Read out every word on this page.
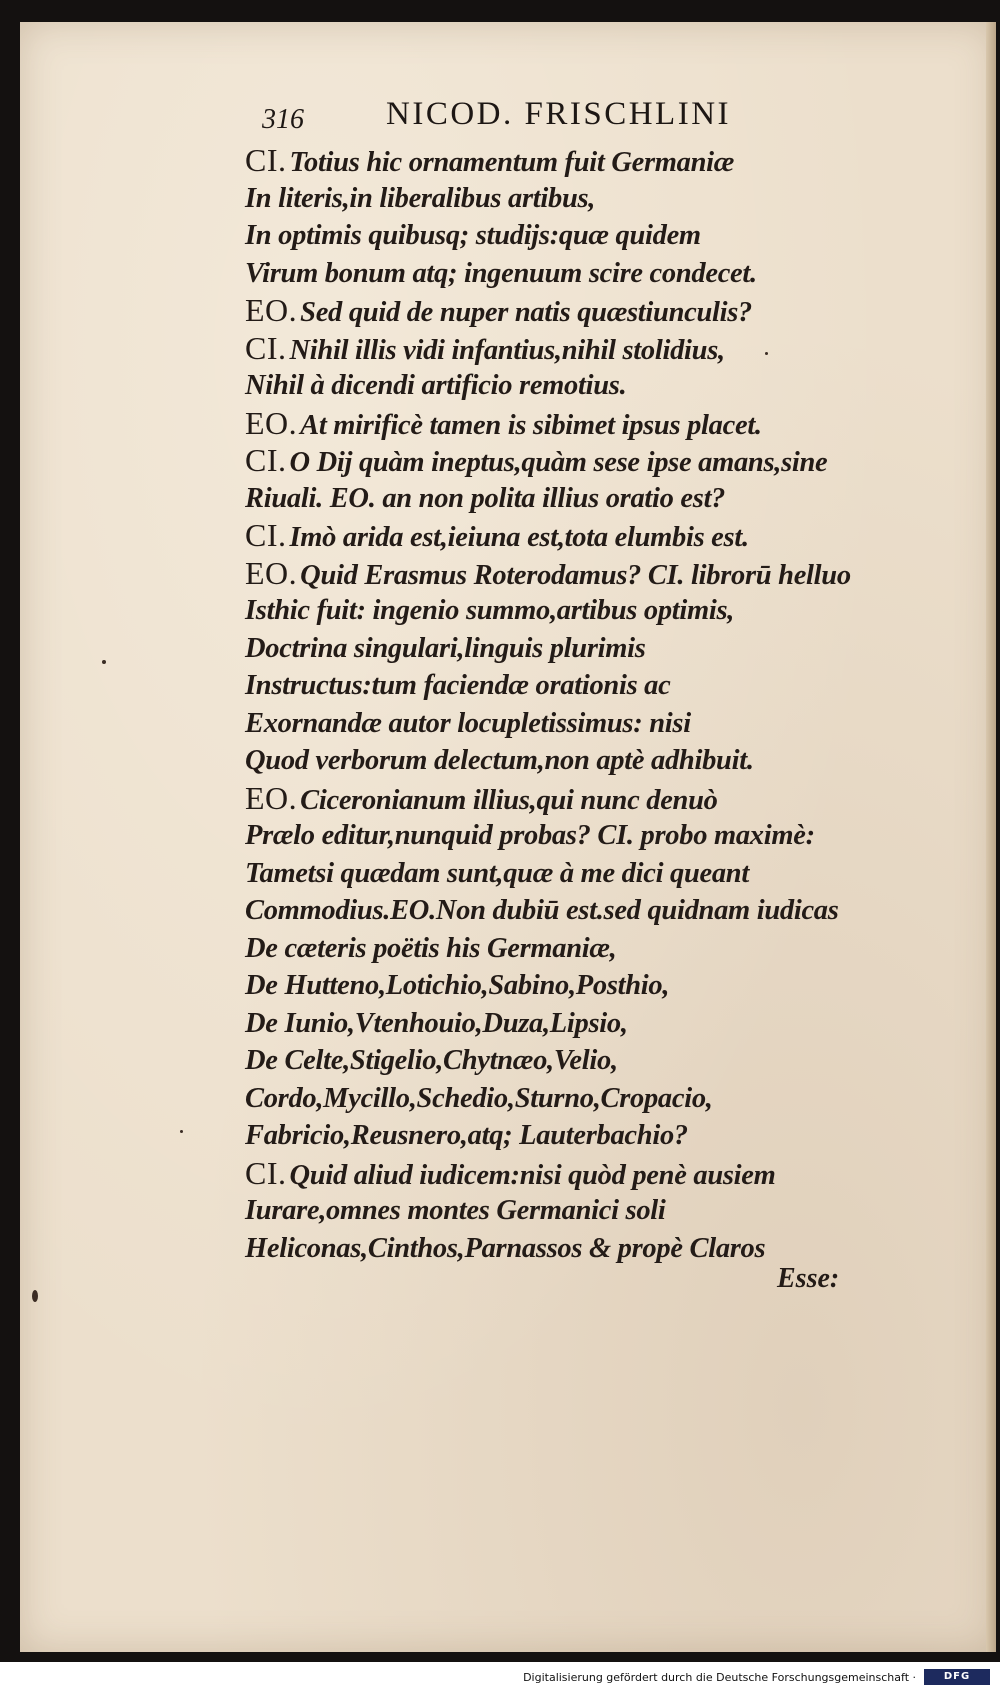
316 NICOD. FRISCHLINI
CI. Totius hic ornamentum fuit Germaniæ
In literis,in liberalibus artibus,
In optimis quibusq; studijs:quæ quidem
Virum bonum atq; ingenuum scire condecet.
EO. Sed quid de nuper natis quæstiunculis?
CI. Nihil illis vidi infantius,nihil stolidius,
Nihil à dicendi artificio remotius.
EO. At mirificè tamen is sibimet ipsus placet.
CI. O Dij quàm ineptus,quàm sese ipse amans,sine
Riuali. EO. an non polita illius oratio est?
CI. Imò arida est,ieiuna est,tota elumbis est.
EO. Quid Erasmus Roterodamus? CI. librorū helluo
Isthic fuit: ingenio summo,artibus optimis,
Doctrina singulari,linguis plurimis
Instructus:tum faciendæ orationis ac
Exornandæ autor locupletissimus: nisi
Quod verborum delectum,non aptè adhibuit.
EO. Ciceronianum illius,qui nunc denuò
Prælo editur,nunquid probas? CI. probo maximè:
Tametsi quædam sunt,quæ à me dici queant
Commodius.EO.Non dubiū est.sed quidnam iudicas
De cæteris poëtis his Germaniæ,
De Hutteno,Lotichio,Sabino,Posthio,
De Iunio,Vtenhouio,Duza,Lipsio,
De Celte,Stigelio,Chytnæo,Velio,
Cordo,Mycillo,Schedio,Sturno,Cropacio,
Fabricio,Reusnero,atq; Lauterbachio?
CI. Quid aliud iudicem:nisi quòd penè ausiem
Iurare,omnes montes Germanici soli
Heliconas,Cinthos,Parnassos & propè Claros
Esse:
Digitalisierung gefördert durch die Deutsche Forschungsgemeinschaft ·	DFG
